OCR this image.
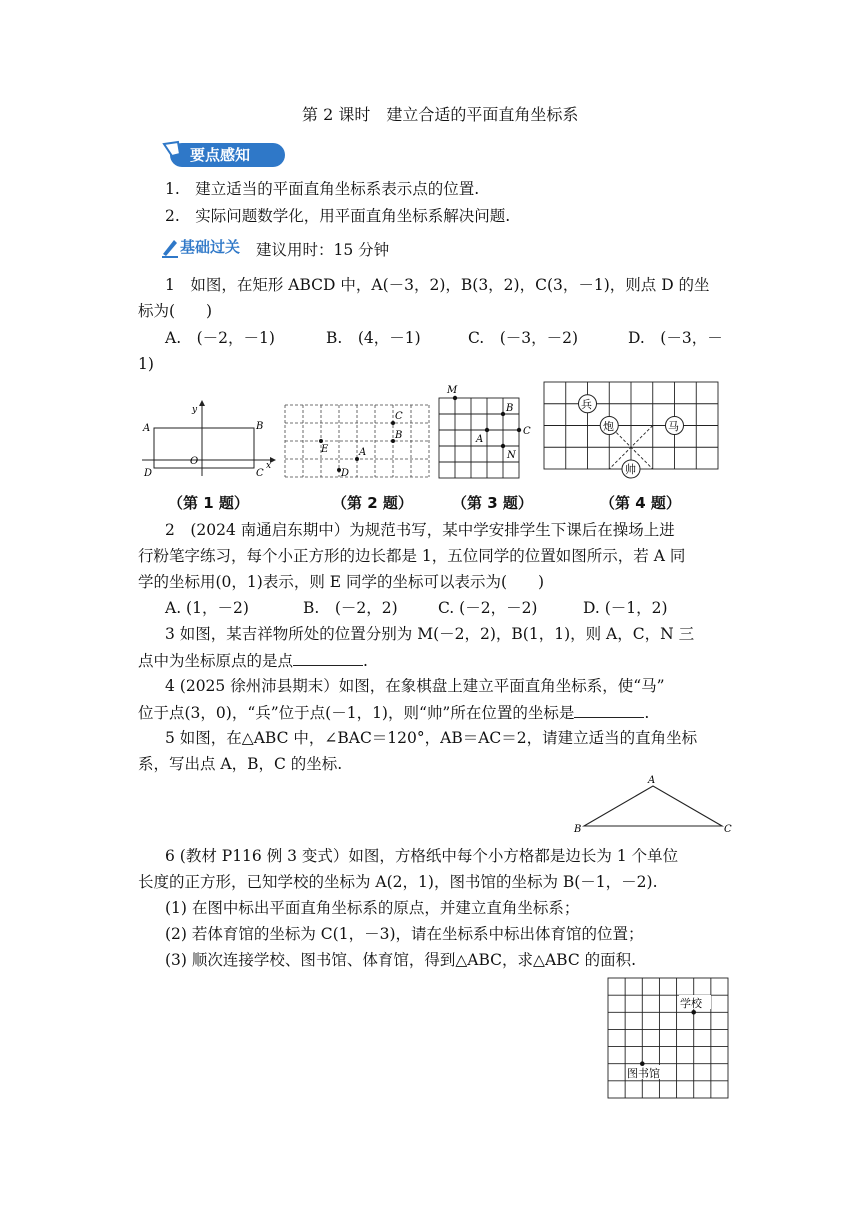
第 2 课时　建立合适的平面直角坐标系
要点感知
1.　建立适当的平面直角坐标系表示点的位置.
2.　实际问题数学化，用平面直角坐标系解决问题.
基础过关 建议用时：15 分钟
1　如图，在矩形 ABCD 中，A(－3，2)，B(3，2)，C(3，－1)，则点 D 的坐
标为(　　)
A.　(－2，－1)	B.　(4，－1)	C.　(－3，－2)	D.　(－3，－
1)
A	B
C
D
O	x
y
C
B
E	A
D
M
B
A
C
N
兵
炮	马
帅
（第 1 题）	（第 2 题）	（第 3 题）	（第 4 题）
2　(2024 南通启东期中）为规范书写，某中学安排学生下课后在操场上进
行粉笔字练习，每个小正方形的边长都是 1，五位同学的位置如图所示，若 A 同
学的坐标用(0，1)表示，则 E 同学的坐标可以表示为(　　)
A. (1，－2)	B.　(－2，2)	C. (－2，－2)	D. (－1，2)
3 如图，某吉祥物所处的位置分别为 M(－2，2)，B(1，1)，则 A，C，N 三
点中为坐标原点的是点	.
4 (2025 徐州沛县期末）如图，在象棋盘上建立平面直角坐标系，使“马”
位于点(3，0)，“兵”位于点(－1，1)，则“帅”所在位置的坐标是	.
5 如图，在△ABC 中，∠BAC＝120°，AB＝AC＝2，请建立适当的直角坐标
系，写出点 A，B，C 的坐标.
A
B	C
6 (教材 P116 例 3 变式）如图，方格纸中每个小方格都是边长为 1 个单位
长度的正方形，已知学校的坐标为 A(2，1)，图书馆的坐标为 B(－1，－2).
(1) 在图中标出平面直角坐标系的原点，并建立直角坐标系；
(2) 若体育馆的坐标为 C(1，－3)，请在坐标系中标出体育馆的位置；
(3) 顺次连接学校、图书馆、体育馆，得到△ABC，求△ABC 的面积.
学校
图书馆
